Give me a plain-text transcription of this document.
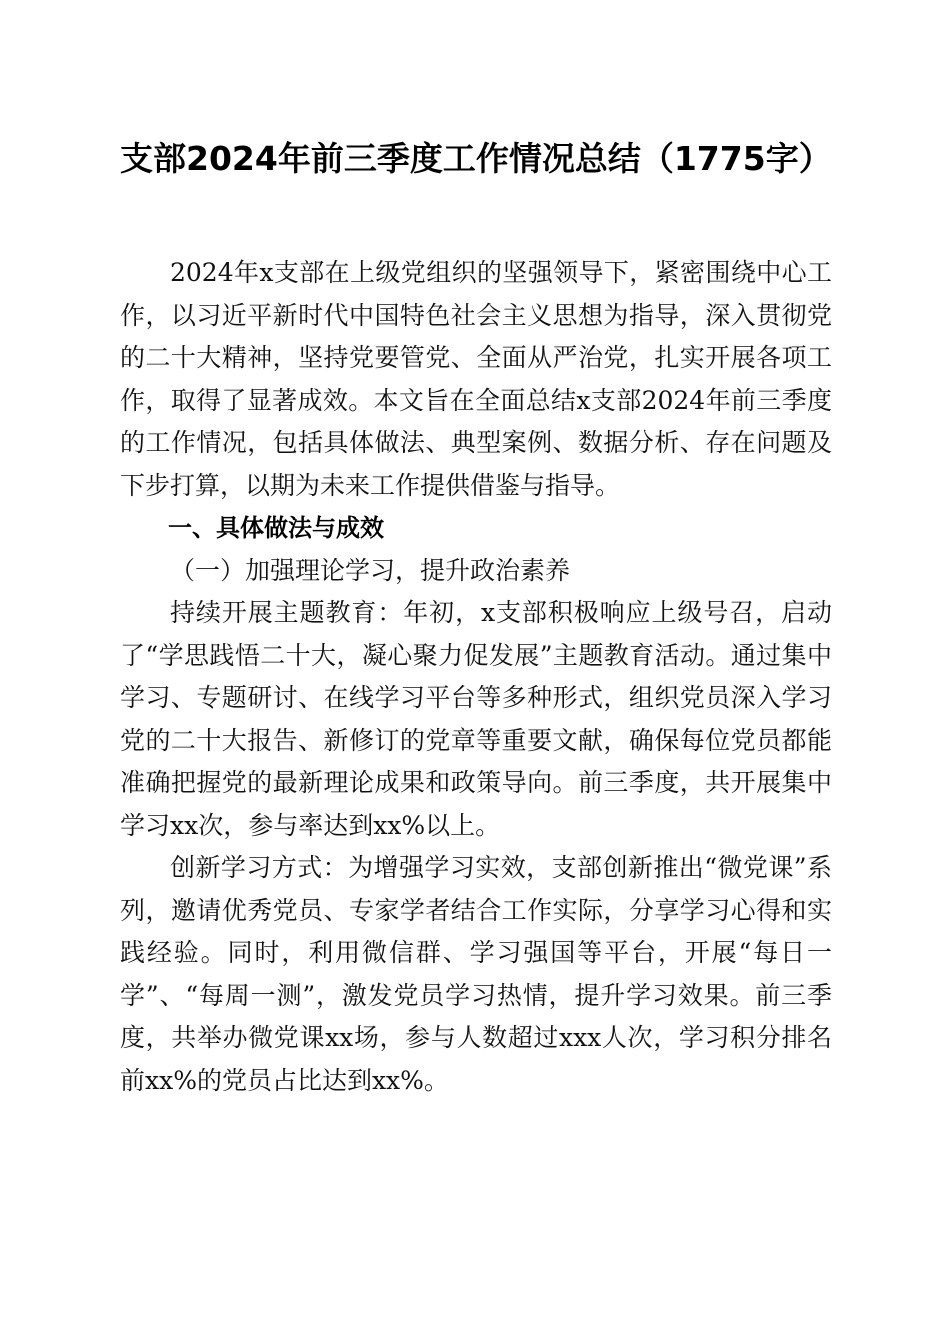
支部2024年前三季度工作情况总结（1775字）

2024年x支部在上级党组织的坚强领导下，紧密围绕中心工作，以习近平新时代中国特色社会主义思想为指导，深入贯彻党的二十大精神，坚持党要管党、全面从严治党，扎实开展各项工作，取得了显著成效。本文旨在全面总结x支部2024年前三季度的工作情况，包括具体做法、典型案例、数据分析、存在问题及下步打算，以期为未来工作提供借鉴与指导。

一、具体做法与成效

（一）加强理论学习，提升政治素养

持续开展主题教育：年初，x支部积极响应上级号召，启动了“学思践悟二十大，凝心聚力促发展”主题教育活动。通过集中学习、专题研讨、在线学习平台等多种形式，组织党员深入学习党的二十大报告、新修订的党章等重要文献，确保每位党员都能准确把握党的最新理论成果和政策导向。前三季度，共开展集中学习xx次，参与率达到xx%以上。

创新学习方式：为增强学习实效，支部创新推出“微党课”系列，邀请优秀党员、专家学者结合工作实际，分享学习心得和实践经验。同时，利用微信群、学习强国等平台，开展“每日一学”、“每周一测”，激发党员学习热情，提升学习效果。前三季度，共举办微党课xx场，参与人数超过xxx人次，学习积分排名前xx%的党员占比达到xx%。
